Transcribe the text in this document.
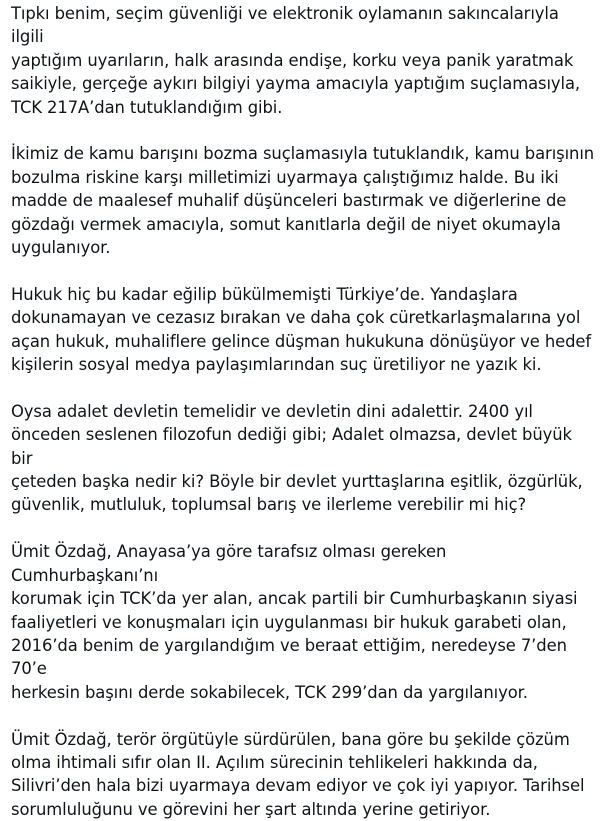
Tıpkı benim, seçim güvenliği ve elektronik oylamanın sakıncalarıyla ilgili
yaptığım uyarıların, halk arasında endişe, korku veya panik yaratmak
saikiyle, gerçeğe aykırı bilgiyi yayma amacıyla yaptığım suçlamasıyla,
TCK 217A’dan tutuklandığım gibi.

İkimiz de kamu barışını bozma suçlamasıyla tutuklandık, kamu barışının
bozulma riskine karşı milletimizi uyarmaya çalıştığımız halde. Bu iki
madde de maalesef muhalif düşünceleri bastırmak ve diğerlerine de
gözdağı vermek amacıyla, somut kanıtlarla değil de niyet okumayla
uygulanıyor.

Hukuk hiç bu kadar eğilip bükülmemişti Türkiye’de. Yandaşlara
dokunamayan ve cezasız bırakan ve daha çok cüretkarlaşmalarına yol
açan hukuk, muhaliflere gelince düşman hukukuna dönüşüyor ve hedef
kişilerin sosyal medya paylaşımlarından suç üretiliyor ne yazık ki.

Oysa adalet devletin temelidir ve devletin dini adalettir. 2400 yıl
önceden seslenen filozofun dediği gibi; Adalet olmazsa, devlet büyük bir
çeteden başka nedir ki? Böyle bir devlet yurttaşlarına eşitlik, özgürlük,
güvenlik, mutluluk, toplumsal barış ve ilerleme verebilir mi hiç?

Ümit Özdağ, Anayasa’ya göre tarafsız olması gereken Cumhurbaşkanı’nı
korumak için TCK’da yer alan, ancak partili bir Cumhurbaşkanın siyasi
faaliyetleri ve konuşmaları için uygulanması bir hukuk garabeti olan,
2016’da benim de yargılandığım ve beraat ettiğim, neredeyse 7’den 70’e
herkesin başını derde sokabilecek, TCK 299’dan da yargılanıyor.

Ümit Özdağ, terör örgütüyle sürdürülen, bana göre bu şekilde çözüm
olma ihtimali sıfır olan II. Açılım sürecinin tehlikeleri hakkında da,
Silivri’den hala bizi uyarmaya devam ediyor ve çok iyi yapıyor. Tarihsel
sorumluluğunu ve görevini her şart altında yerine getiriyor.
